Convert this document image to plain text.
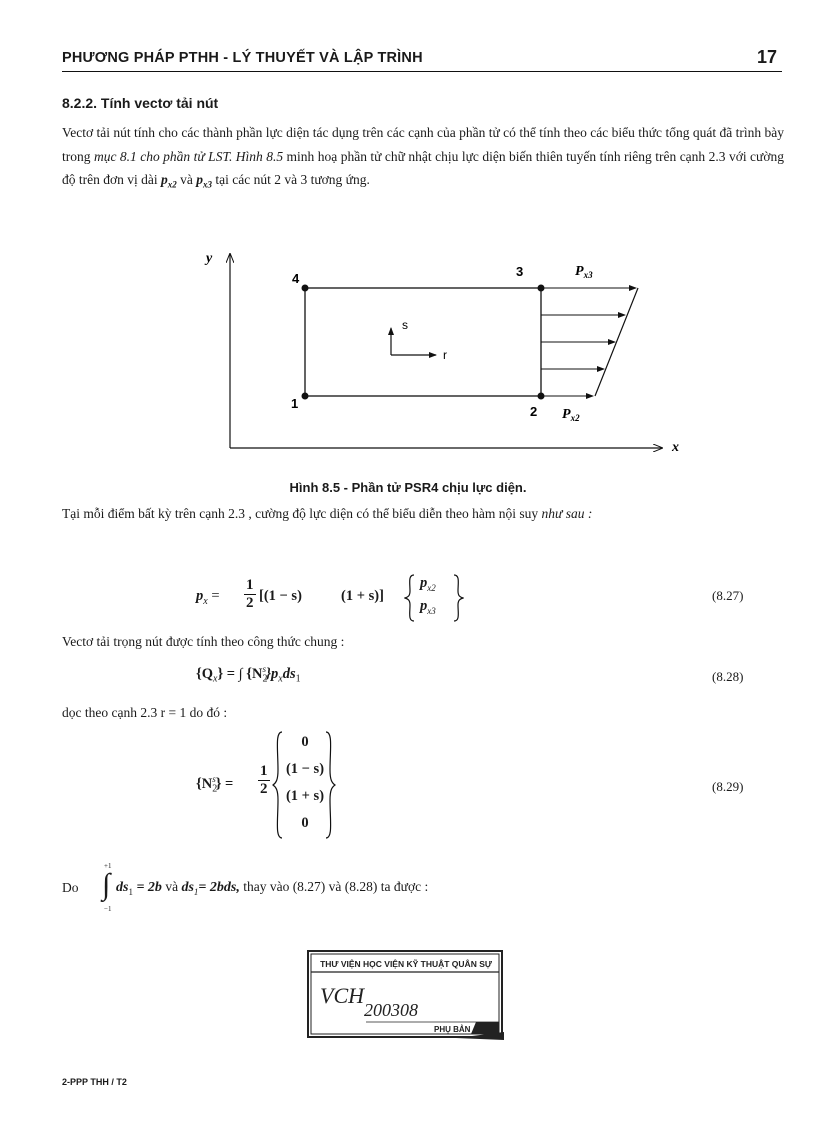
PHƯƠNG PHÁP PTHH - LÝ THUYẾT VÀ LẬP TRÌNH	17
8.2.2. Tính vectơ tải nút
Vectơ tải nút tính cho các thành phần lực diện tác dụng trên các cạnh của phần tử có thể tính theo các biểu thức tổng quát đã trình bày trong mục 8.1 cho phần tử LST. Hình 8.5 minh hoạ phần tử chữ nhật chịu lực diện biến thiên tuyến tính riêng trên cạnh 2.3 với cường độ trên đơn vị dài $p_{x2}$ và $p_{x3}$ tại các nút 2 và 3 tương ứng.
y
x
4	3
1
2
s
r
$P_{x3}$
$P_{x2}$
Hình 8.5 - Phần tử PSR4 chịu lực diện.
Tại mỗi điểm bất kỳ trên cạnh 2.3 , cường độ lực diện có thể biểu diễn theo hàm nội suy như sau :
$p_x = \frac{1}{2} [(1 - s)$	(1 + s)]
$p_{x2}$
$p_{x3}$
(8.27)
Vectơ tải trọng nút được tính theo công thức chung :
$\{Q_x\}$ = ∫ $\{N_2^s\}p_xds_1$	(8.28)
dọc theo cạnh 2.3 r = 1 do đó :
$\{N_2^s\} = \frac{1}{2}$
0
(1 − s)
(1 + s)
0
(8.29)
Do
+1
∫
−1
$ds_1 = 2b$ và $ds_1= 2bds$, thay vào (8.27) và (8.28) ta được :
THƯ VIỆN HỌC VIỆN KỸ THUẬT QUÂN SỰ
VCH
200308
PHỤ BẢN
2-PPP THH / T2
